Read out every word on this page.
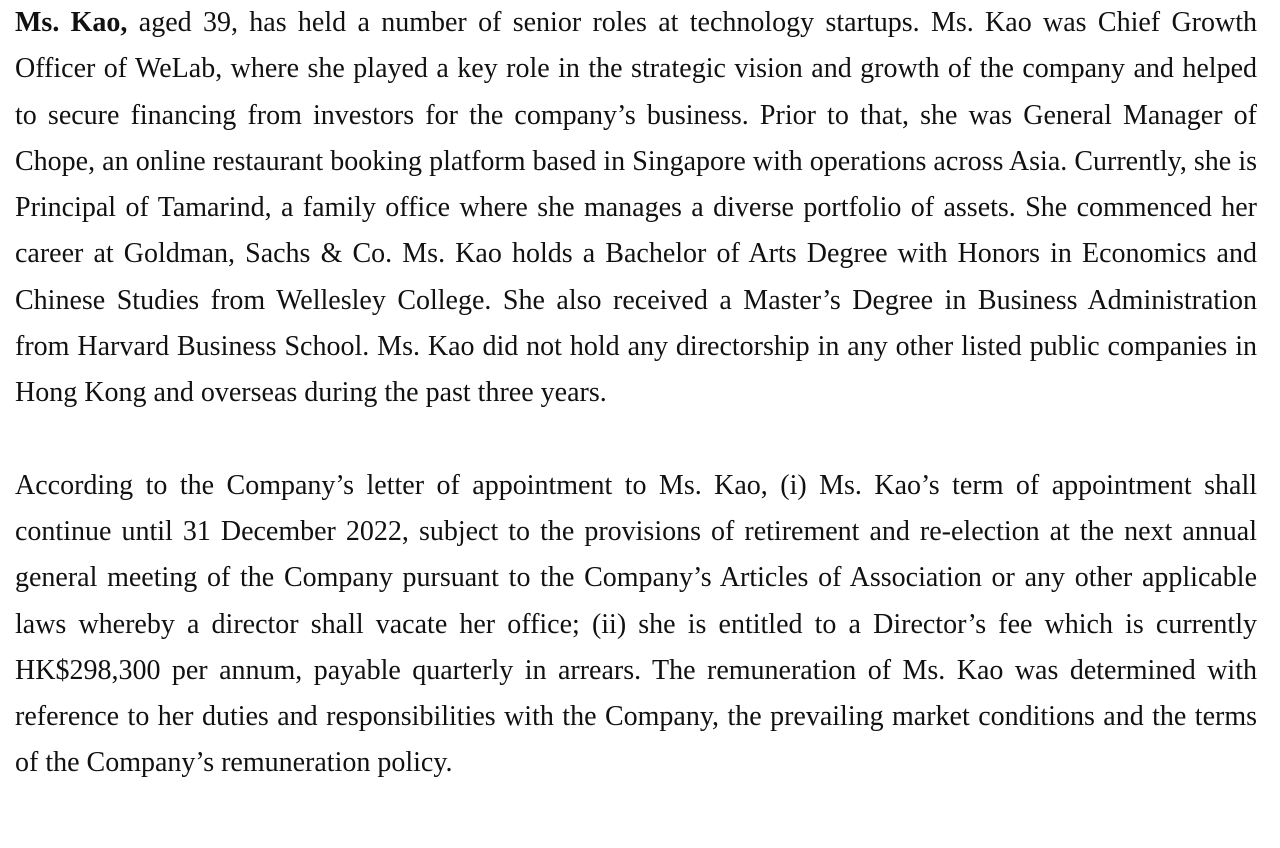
Ms. Kao, aged 39, has held a number of senior roles at technology startups. Ms. Kao was Chief Growth Officer of WeLab, where she played a key role in the strategic vision and growth of the company and helped to secure financing from investors for the company’s business. Prior to that, she was General Manager of Chope, an online restaurant booking platform based in Singapore with operations across Asia. Currently, she is Principal of Tamarind, a family office where she manages a diverse portfolio of assets. She commenced her career at Goldman, Sachs & Co. Ms. Kao holds a Bachelor of Arts Degree with Honors in Economics and Chinese Studies from Wellesley College. She also received a Master’s Degree in Business Administration from Harvard Business School. Ms. Kao did not hold any directorship in any other listed public companies in Hong Kong and overseas during the past three years.

According to the Company’s letter of appointment to Ms. Kao, (i) Ms. Kao’s term of appointment shall continue until 31 December 2022, subject to the provisions of retirement and re-election at the next annual general meeting of the Company pursuant to the Company’s Articles of Association or any other applicable laws whereby a director shall vacate her office; (ii) she is entitled to a Director’s fee which is currently HK$298,300 per annum, payable quarterly in arrears. The remuneration of Ms. Kao was determined with reference to her duties and responsibilities with the Company, the prevailing market conditions and the terms of the Company’s remuneration policy.
